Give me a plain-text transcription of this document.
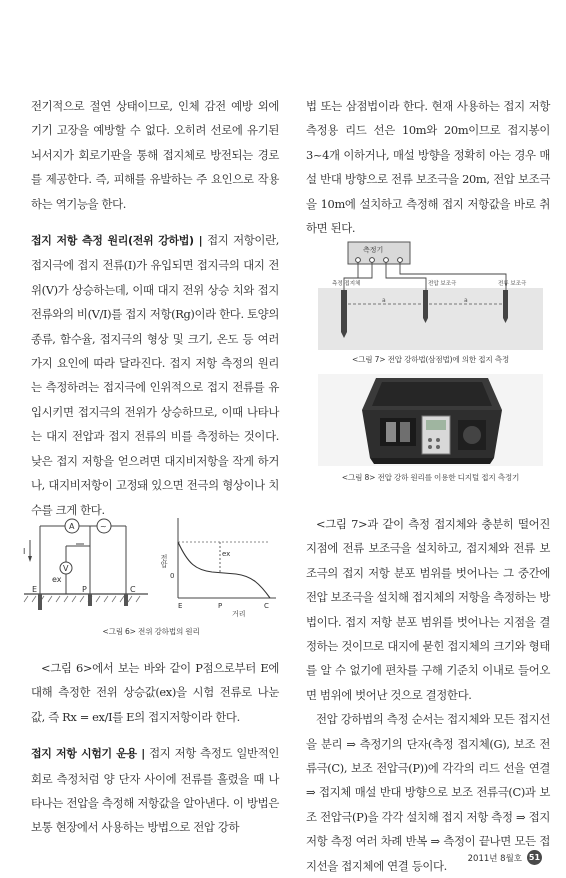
전기적으로 절연 상태이므로, 인체 감전 예방 외에 기기 고장을 예방할 수 없다. 오히려 선로에 유기된 뇌서지가 회로기판을 통해 접지체로 방전되는 경로를 제공한다. 즉, 피해를 유발하는 주 요인으로 작용하는 역기능을 한다.

접지 저항 측정 원리(전위 강하법) | 접지 저항이란, 접지극에 접지 전류(I)가 유입되면 접지극의 대지 전위(V)가 상승하는데, 이때 대지 전위 상승 치와 접지 전류와의 비(V/I)를 접지 저항(Rg)이라 한다. 토양의 종류, 함수율, 접지극의 형상 및 크기, 온도 등 여러 가지 요인에 따라 달라진다. 접지 저항 측정의 원리는 측정하려는 접지극에 인위적으로 접지 전류를 유입시키면 접지극의 전위가 상승하므로, 이때 나타나는 대지 전압과 접지 전류의 비를 측정하는 것이다. 낮은 접지 저항을 얻으려면 대지비저항을 작게 하거나, 대지비저항이 고정돼 있으면 전극의 형상이나 치수를 크게 한다.

A	~
V
ex
I
E	P	C
전압	ex
0
E	P	C
거리
<그림 6> 전위 강하법의 원리

<그림 6>에서 보는 바와 같이 P점으로부터 E에 대해 측정한 전위 상승값(ex)을 시험 전류로 나눈 값, 즉 Rx = ex/I를 E의 접지저항이라 한다.

접지 저항 시험기 운용 | 접지 저항 측정도 일반적인 회로 측정처럼 양 단자 사이에 전류를 흘렸을 때 나타나는 전압을 측정해 저항값을 알아낸다. 이 방법은 보통 현장에서 사용하는 방법으로 전압 강하

법 또는 삼점법이라 한다. 현재 사용하는 접지 저항 측정용 리드 선은 10m와 20m이므로 접지봉이 3~4개 이하거나, 매설 방향을 정확히 아는 경우 매설 반대 방향으로 전류 보조극을 20m, 전압 보조극을 10m에 설치하고 측정해 접지 저항값을 바로 취하면 된다.

측정기
측정 접지체	전압 보조극	전류 보조극
a	a
<그림 7> 전압 강하법(삼점법)에 의한 접지 측정
<그림 8> 전압 강하 원리를 이용한 디지털 접지 측정기

<그림 7>과 같이 측정 접지체와 충분히 떨어진 지점에 전류 보조극을 설치하고, 접지체와 전류 보조극의 접지 저항 분포 범위를 벗어나는 그 중간에 전압 보조극을 설치해 접지체의 저항을 측정하는 방법이다. 접지 저항 분포 범위를 벗어나는 지점을 결정하는 것이므로 대지에 묻힌 접지체의 크기와 형태를 알 수 없기에 편차를 구해 기준치 이내로 들어오면 범위에 벗어난 것으로 결정한다.

전압 강하법의 측정 순서는 접지체와 모든 접지선을 분리 ⇒ 측정기의 단자(측정 접지체(G), 보조 전류극(C), 보조 전압극(P))에 각각의 리드 선을 연결 ⇒ 접지체 매설 반대 방향으로 보조 전류극(C)과 보조 전압극(P)을 각각 설치해 접지 저항 측정 ⇒ 접지 저항 측정 여러 차례 반복 ⇒ 측정이 끝나면 모든 접지선을 접지체에 연결 등이다.

2011년 8월호 51
